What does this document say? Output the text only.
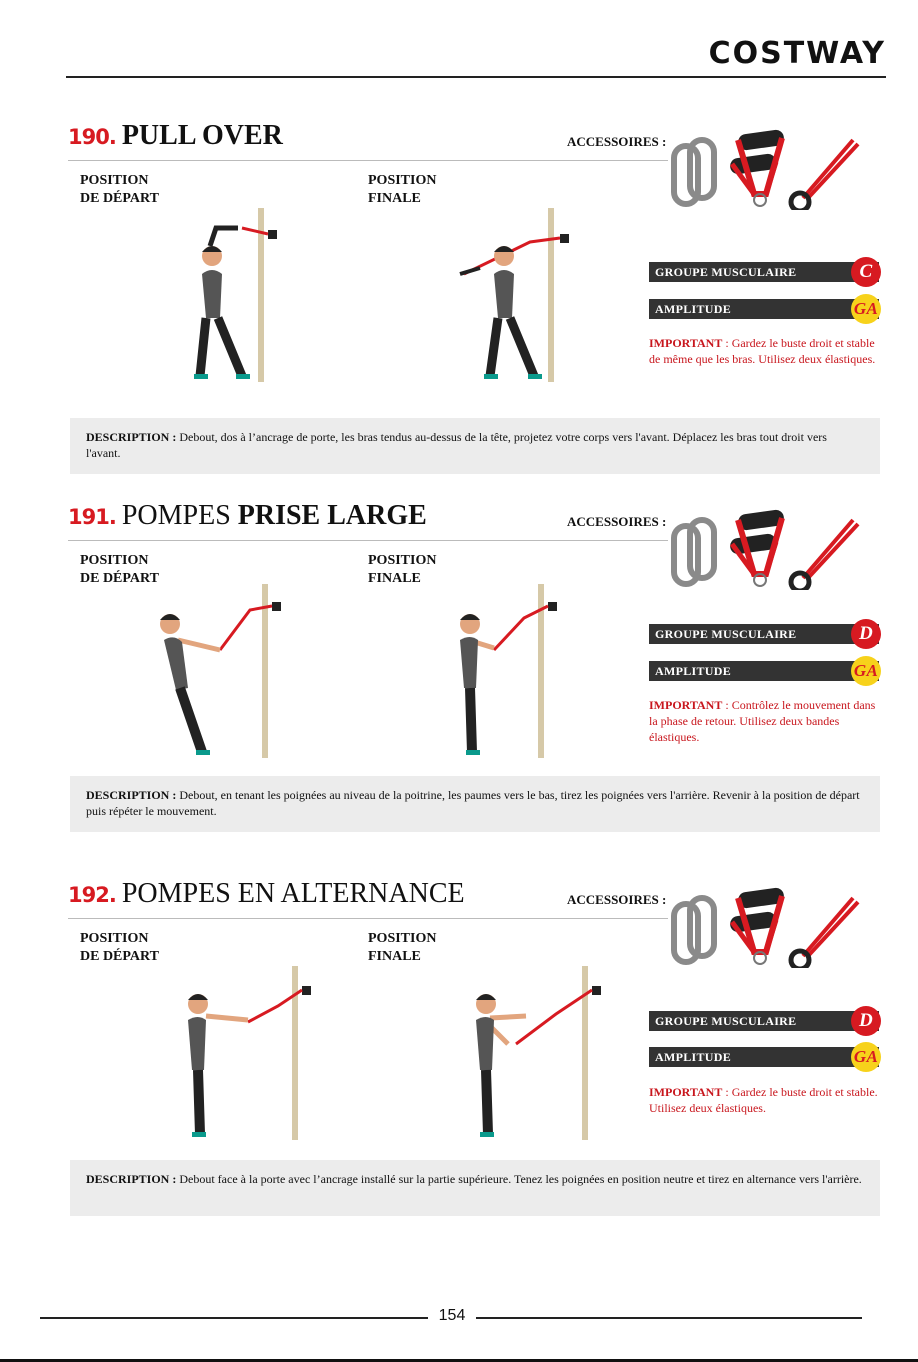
COSTWAY
190. PULL OVER	ACCESSOIRES :
POSITION
DE DÉPART
POSITION
FINALE
GROUPE MUSCULAIRE	C
AMPLITUDE	GA
IMPORTANT : Gardez le buste droit et stable de même que les bras. Utilisez deux élastiques.
DESCRIPTION : Debout, dos à l’ancrage de porte, les bras tendus au-dessus de la tête, projetez votre corps vers l'avant. Déplacez les bras tout droit vers l'avant.
191. POMPES PRISE LARGE	ACCESSOIRES :
POSITION
DE DÉPART
POSITION
FINALE
GROUPE MUSCULAIRE	D
AMPLITUDE	GA
IMPORTANT : Contrôlez le mouvement dans la phase de retour. Utilisez deux bandes élastiques.
DESCRIPTION : Debout, en tenant les poignées au niveau de la poitrine, les paumes vers le bas, tirez les poignées vers l'arrière. Revenir à la position de départ puis répéter le mouvement.
192. POMPES EN ALTERNANCE	ACCESSOIRES :
POSITION
DE DÉPART
POSITION
FINALE
GROUPE MUSCULAIRE	D
AMPLITUDE	GA
IMPORTANT : Gardez le buste droit et stable. Utilisez deux élastiques.
DESCRIPTION : Debout face à la porte avec l’ancrage installé sur la partie supérieure. Tenez les poignées en position neutre et tirez en alternance vers l'arrière.
154
